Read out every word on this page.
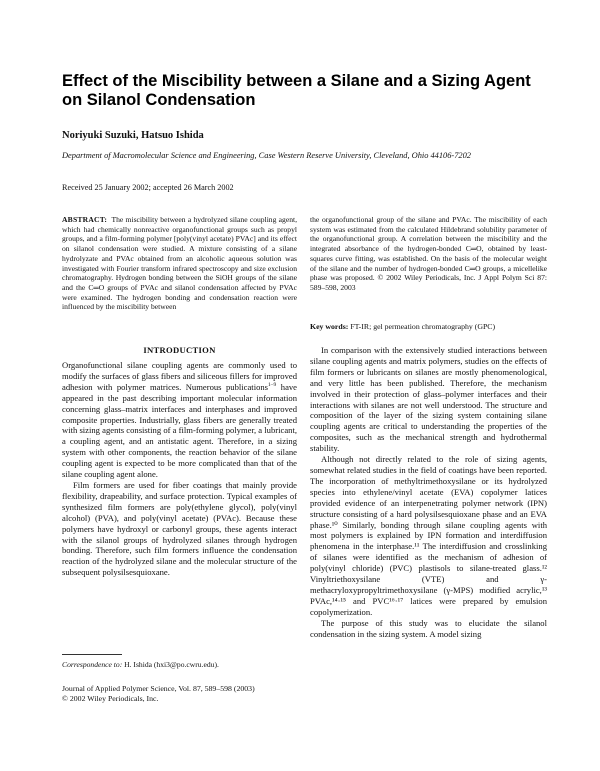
Effect of the Miscibility between a Silane and a Sizing Agent on Silanol Condensation
Noriyuki Suzuki, Hatsuo Ishida
Department of Macromolecular Science and Engineering, Case Western Reserve University, Cleveland, Ohio 44106-7202
Received 25 January 2002; accepted 26 March 2002
ABSTRACT: The miscibility between a hydrolyzed silane coupling agent, which had chemically nonreactive organofunctional groups such as propyl groups, and a film-forming polymer [poly(vinyl acetate) PVAc] and its effect on silanol condensation were studied. A mixture consisting of a silane hydrolyzate and PVAc obtained from an alcoholic aqueous solution was investigated with Fourier transform infrared spectroscopy and size exclusion chromatography. Hydrogen bonding between the SiOH groups of the silane and the C═O groups of PVAc and silanol condensation affected by PVAc were examined. The hydrogen bonding and condensation reaction were influenced by the miscibility between
the organofunctional group of the silane and PVAc. The miscibility of each system was estimated from the calculated Hildebrand solubility parameter of the organofunctional group. A correlation between the miscibility and the integrated absorbance of the hydrogen-bonded C═O, obtained by least-squares curve fitting, was established. On the basis of the molecular weight of the silane and the number of hydrogen-bonded C═O groups, a micellelike phase was proposed. © 2002 Wiley Periodicals, Inc. J Appl Polym Sci 87: 589–598, 2003
Key words: FT-IR; gel permeation chromatography (GPC)
INTRODUCTION

Organofunctional silane coupling agents are commonly used to modify the surfaces of glass fibers and siliceous fillers for improved adhesion with polymer matrices. Numerous publications$^{1-9}$ have appeared in the past describing important molecular information concerning glass–matrix interfaces and interphases and improved composite properties. Industrially, glass fibers are generally treated with sizing agents consisting of a film-forming polymer, a lubricant, a coupling agent, and an antistatic agent. Therefore, in a sizing system with other components, the reaction behavior of the silane coupling agent is expected to be more complicated than that of the silane coupling agent alone.

Film formers are used for fiber coatings that mainly provide flexibility, drapeability, and surface protection. Typical examples of synthesized film formers are poly(ethylene glycol), poly(vinyl alcohol) (PVA), and poly(vinyl acetate) (PVAc). Because these polymers have hydroxyl or carbonyl groups, these agents interact with the silanol groups of hydrolyzed silanes through hydrogen bonding. Therefore, such film formers influence the condensation reaction of the hydrolyzed silane and the molecular structure of the subsequent polysilsesquioxane.

In comparison with the extensively studied interactions between silane coupling agents and matrix polymers, studies on the effects of film formers or lubricants on silanes are mostly phenomenological, and very little has been published. Therefore, the mechanism involved in their protection of glass–polymer interfaces and their interactions with silanes are not well understood. The structure and composition of the layer of the sizing system containing silane coupling agents are critical to understanding the properties of the composites, such as the mechanical strength and hydrothermal stability.

Although not directly related to the role of sizing agents, somewhat related studies in the field of coatings have been reported. The incorporation of methyltrimethoxysilane or its hydrolyzed species into ethylene/vinyl acetate (EVA) copolymer latices provided evidence of an interpenetrating polymer network (IPN) structure consisting of a hard polysilsesquioxane phase and an EVA phase.¹⁰ Similarly, bonding through silane coupling agents with most polymers is explained by IPN formation and interdiffusion phenomena in the interphase.¹¹ The interdiffusion and crosslinking of silanes were identified as the mechanism of adhesion of poly(vinyl chloride) (PVC) plastisols to silane-treated glass.¹² Vinyltriethoxysilane (VTE) and γ-methacryloxypropyltrimethoxysilane (γ-MPS) modified acrylic,¹³ PVAc,¹⁴·¹⁵ and PVC¹⁶·¹⁷ latices were prepared by emulsion copolymerization.

The purpose of this study was to elucidate the silanol condensation in the sizing system. A model sizing

Correspondence to: H. Ishida (hxi3@po.cwru.edu).
Journal of Applied Polymer Science, Vol. 87, 589–598 (2003)
© 2002 Wiley Periodicals, Inc.
